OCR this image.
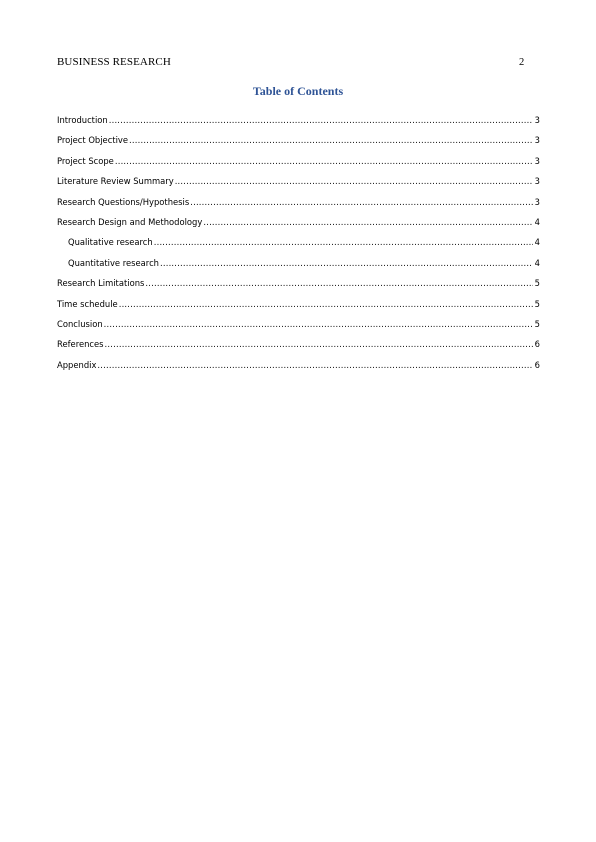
BUSINESS RESEARCH	2
Table of Contents
Introduction .....	3
Project Objective .....	3
Project Scope .....	3
Literature Review Summary .....	3
Research Questions/Hypothesis .....	3
Research Design and Methodology .....	4
Qualitative research .....	4
Quantitative research .....	4
Research Limitations .....	5
Time schedule .....	5
Conclusion .....	5
References .....	6
Appendix .....	6
